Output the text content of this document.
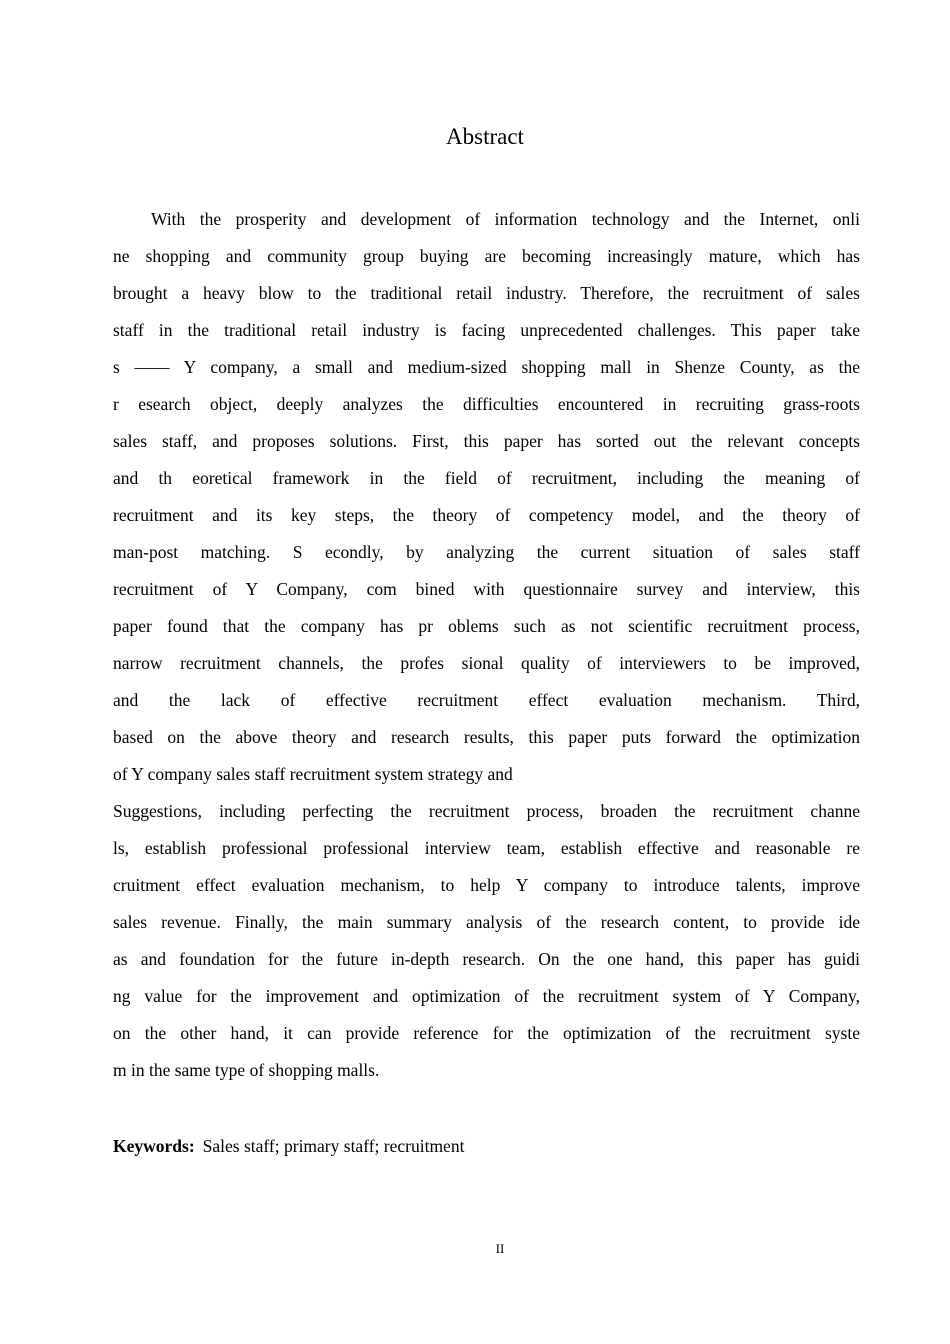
Abstract
With the prosperity and development of information technology and the Internet, onli
ne shopping and community group buying are becoming increasingly mature, which has
brought a heavy blow to the traditional retail industry. Therefore, the recruitment of sales
staff in the traditional retail industry is facing unprecedented challenges. This paper take
s —— Y company, a small and medium-sized shopping mall in Shenze County, as the
r esearch object, deeply analyzes the difficulties encountered in recruiting grass-roots
sales staff, and proposes solutions. First, this paper has sorted out the relevant concepts
and th eoretical framework in the field of recruitment, including the meaning of
recruitment and its key steps, the theory of competency model, and the theory of
man-post matching. S econdly, by analyzing the current situation of sales staff
recruitment of Y Company, com bined with questionnaire survey and interview, this
paper found that the company has pr oblems such as not scientific recruitment process,
narrow recruitment channels, the profes sional quality of interviewers to be improved,
and the lack of effective recruitment effect evaluation mechanism. Third,
based on the above theory and research results, this paper puts forward the optimization
of Y company sales staff recruitment system strategy and
Suggestions, including perfecting the recruitment process, broaden the recruitment channe
ls, establish professional professional interview team, establish effective and reasonable re
cruitment effect evaluation mechanism, to help Y company to introduce talents, improve
sales revenue. Finally, the main summary analysis of the research content, to provide ide
as and foundation for the future in-depth research. On the one hand, this paper has guidi
ng value for the improvement and optimization of the recruitment system of Y Company,
on the other hand, it can provide reference for the optimization of the recruitment syste
m in the same type of shopping malls.
Keywords: Sales staff; primary staff; recruitment
II
